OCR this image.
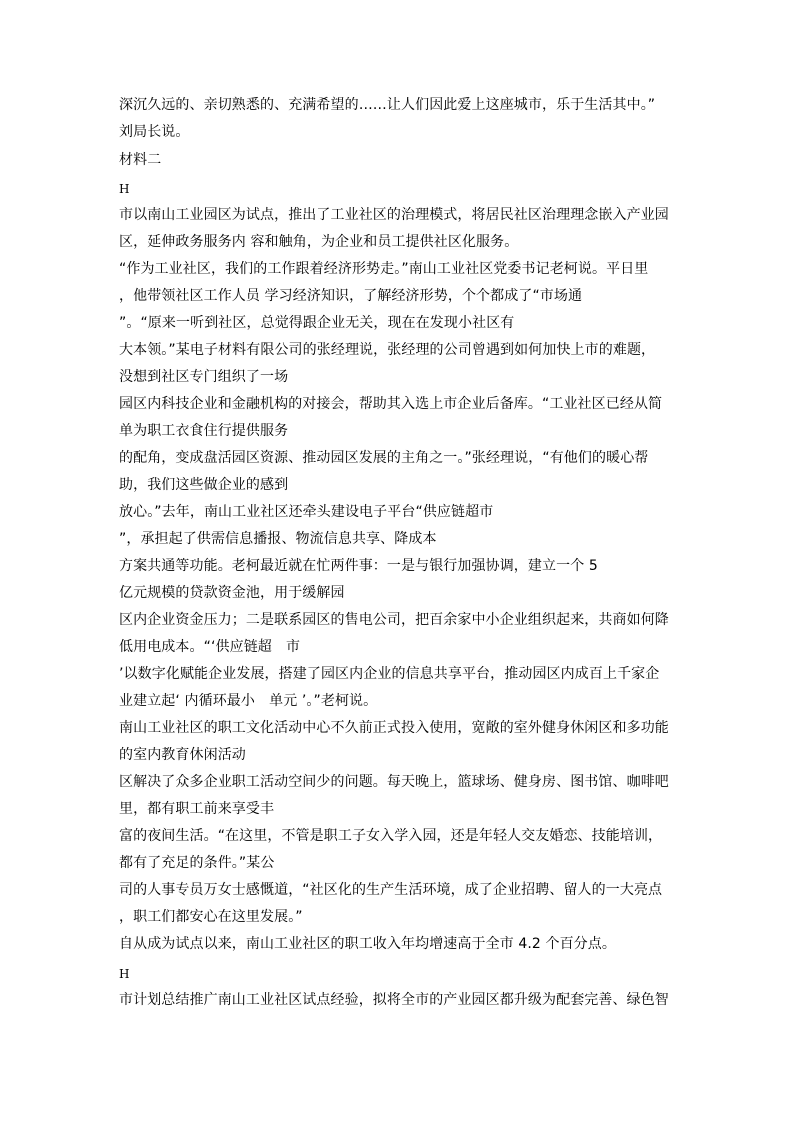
深沉久远的、亲切熟悉的、充满希望的……让人们因此爱上这座城市，乐于生活其中。”
刘局长说。
材料二
H
市以南山工业园区为试点，推出了工业社区的治理模式，将居民社区治理理念嵌入产业园
区，延伸政务服务内 容和触角，为企业和员工提供社区化服务。
“作为工业社区，我们的工作跟着经济形势走。”南山工业社区党委书记老柯说。平日里
，他带领社区工作人员 学习经济知识，了解经济形势，个个都成了“市场通
”。“原来一听到社区，总觉得跟企业无关，现在在发现小社区有
大本领。”某电子材料有限公司的张经理说，张经理的公司曾遇到如何加快上市的难题，
没想到社区专门组织了一场
园区内科技企业和金融机构的对接会，帮助其入选上市企业后备库。“工业社区已经从简
单为职工衣食住行提供服务
的配角，变成盘活园区资源、推动园区发展的主角之一。”张经理说，“有他们的暖心帮
助，我们这些做企业的感到
放心。”去年，南山工业社区还牵头建设电子平台“供应链超市
”，承担起了供需信息播报、物流信息共享、降成本
方案共通等功能。老柯最近就在忙两件事：一是与银行加强协调，建立一个 5
亿元规模的贷款资金池，用于缓解园
区内企业资金压力；二是联系园区的售电公司，把百余家中小企业组织起来，共商如何降
低用电成本。“‘供应链超　市
’以数字化赋能企业发展，搭建了园区内企业的信息共享平台，推动园区内成百上千家企
业建立起‘ 内循环最小　单元 ’。”老柯说。
南山工业社区的职工文化活动中心不久前正式投入使用，宽敞的室外健身休闲区和多功能
的室内教育休闲活动
区解决了众多企业职工活动空间少的问题。每天晚上，篮球场、健身房、图书馆、咖啡吧
里，都有职工前来享受丰
富的夜间生活。“在这里，不管是职工子女入学入园，还是年轻人交友婚恋、技能培训，
都有了充足的条件。”某公
司的人事专员万女士感慨道，“社区化的生产生活环境，成了企业招聘、留人的一大亮点
，职工们都安心在这里发展。”
自从成为试点以来，南山工业社区的职工收入年均增速高于全市 4.2 个百分点。
H
市计划总结推广南山工业社区试点经验，拟将全市的产业园区都升级为配套完善、绿色智
